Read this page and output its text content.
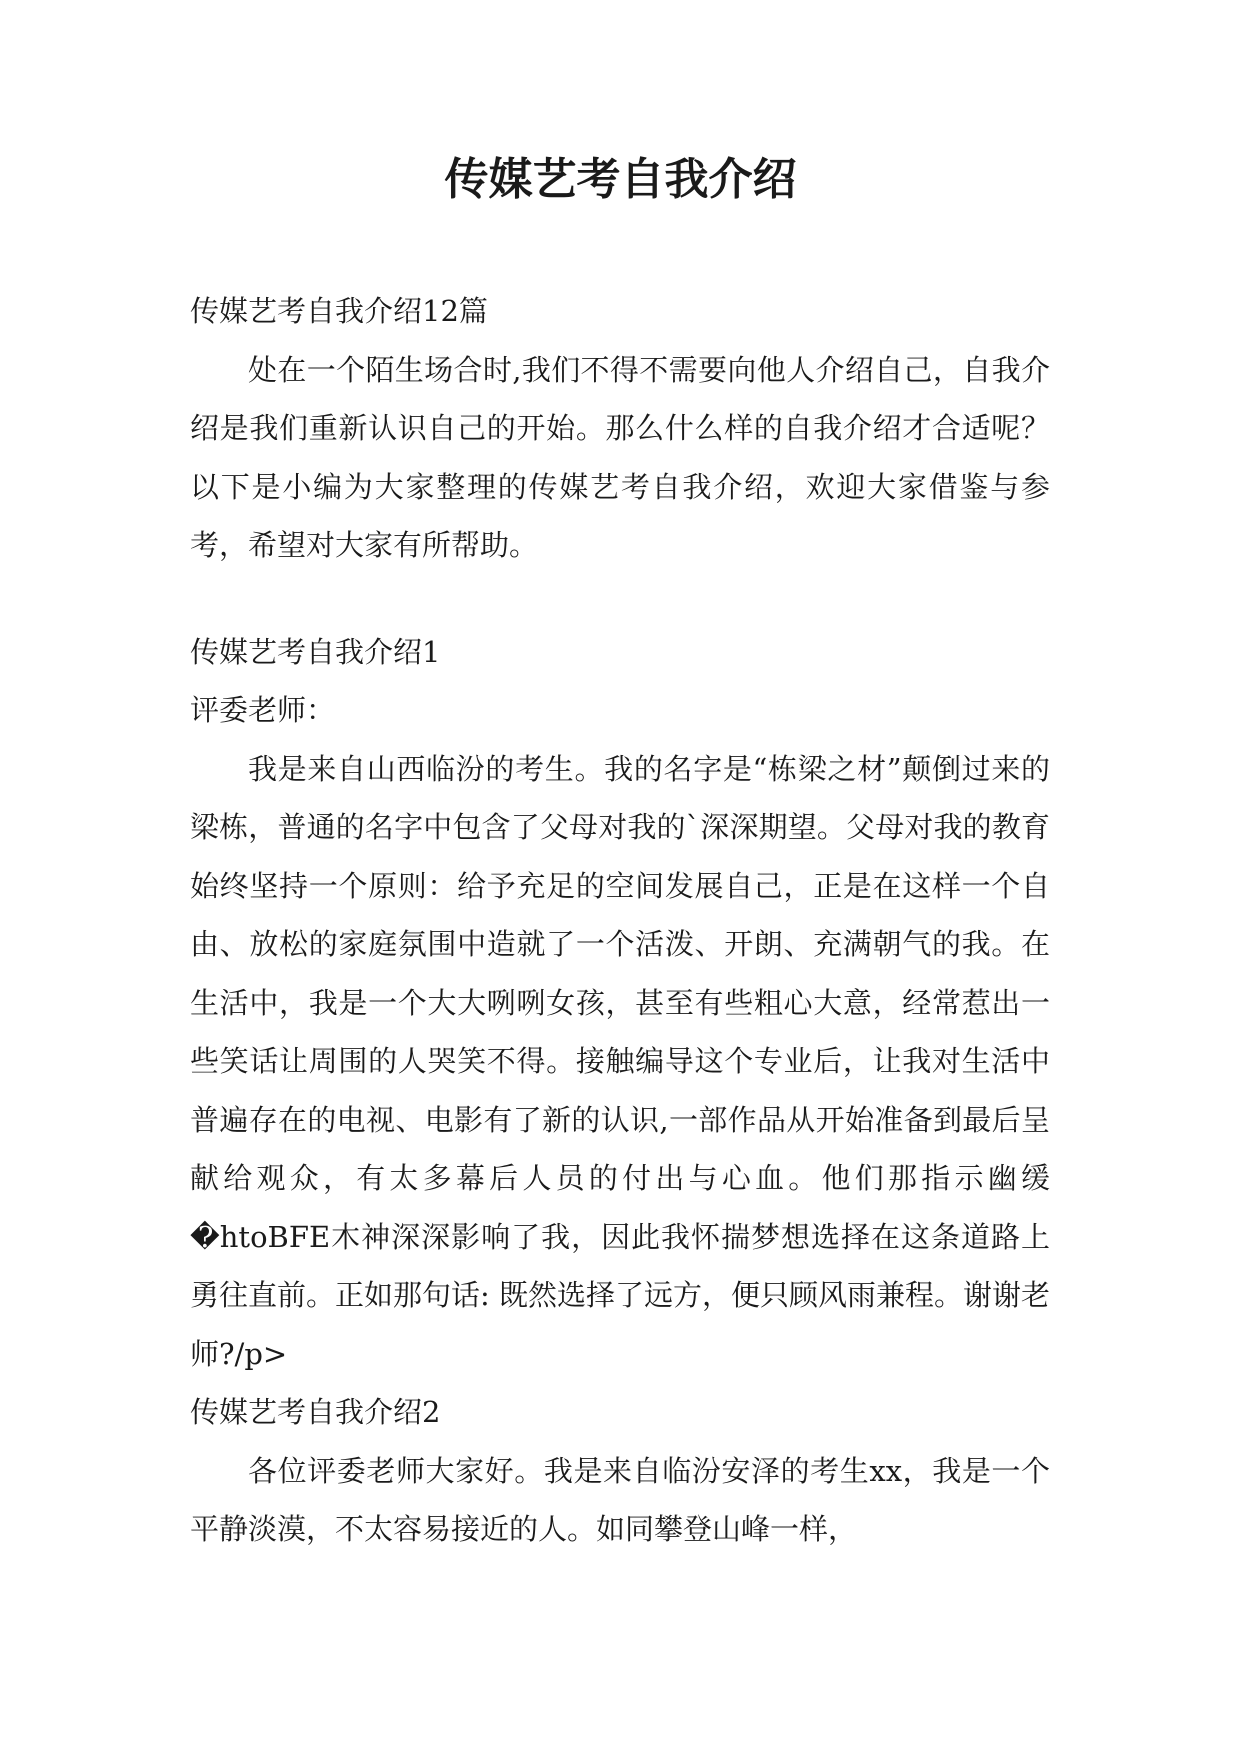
传媒艺考自我介绍

传媒艺考自我介绍12篇

处在一个陌生场合时,我们不得不需要向他人介绍自己，自我介绍是我们重新认识自己的开始。那么什么样的自我介绍才合适呢？以下是小编为大家整理的传媒艺考自我介绍，欢迎大家借鉴与参考，希望对大家有所帮助。

传媒艺考自我介绍1

评委老师：

我是来自山西临汾的考生。我的名字是“栋梁之材”颠倒过来的梁栋，普通的名字中包含了父母对我的`深深期望。父母对我的教育始终坚持一个原则：给予充足的空间发展自己，正是在这样一个自由、放松的家庭氛围中造就了一个活泼、开朗、充满朝气的我。在生活中，我是一个大大咧咧女孩，甚至有些粗心大意，经常惹出一些笑话让周围的人哭笑不得。接触编导这个专业后，让我对生活中普遍存在的电视、电影有了新的认识,一部作品从开始准备到最后呈献给观众，有太多幕后人员的付出与心血。他们那指示幽缓�htoBFE木神深深影响了我，因此我怀揣梦想选择在这条道路上勇往直前。正如那句话: 既然选择了远方，便只顾风雨兼程。谢谢老师?/p>

传媒艺考自我介绍2

各位评委老师大家好。我是来自临汾安泽的考生xx，我是一个平静淡漠，不太容易接近的人。如同攀登山峰一样，
